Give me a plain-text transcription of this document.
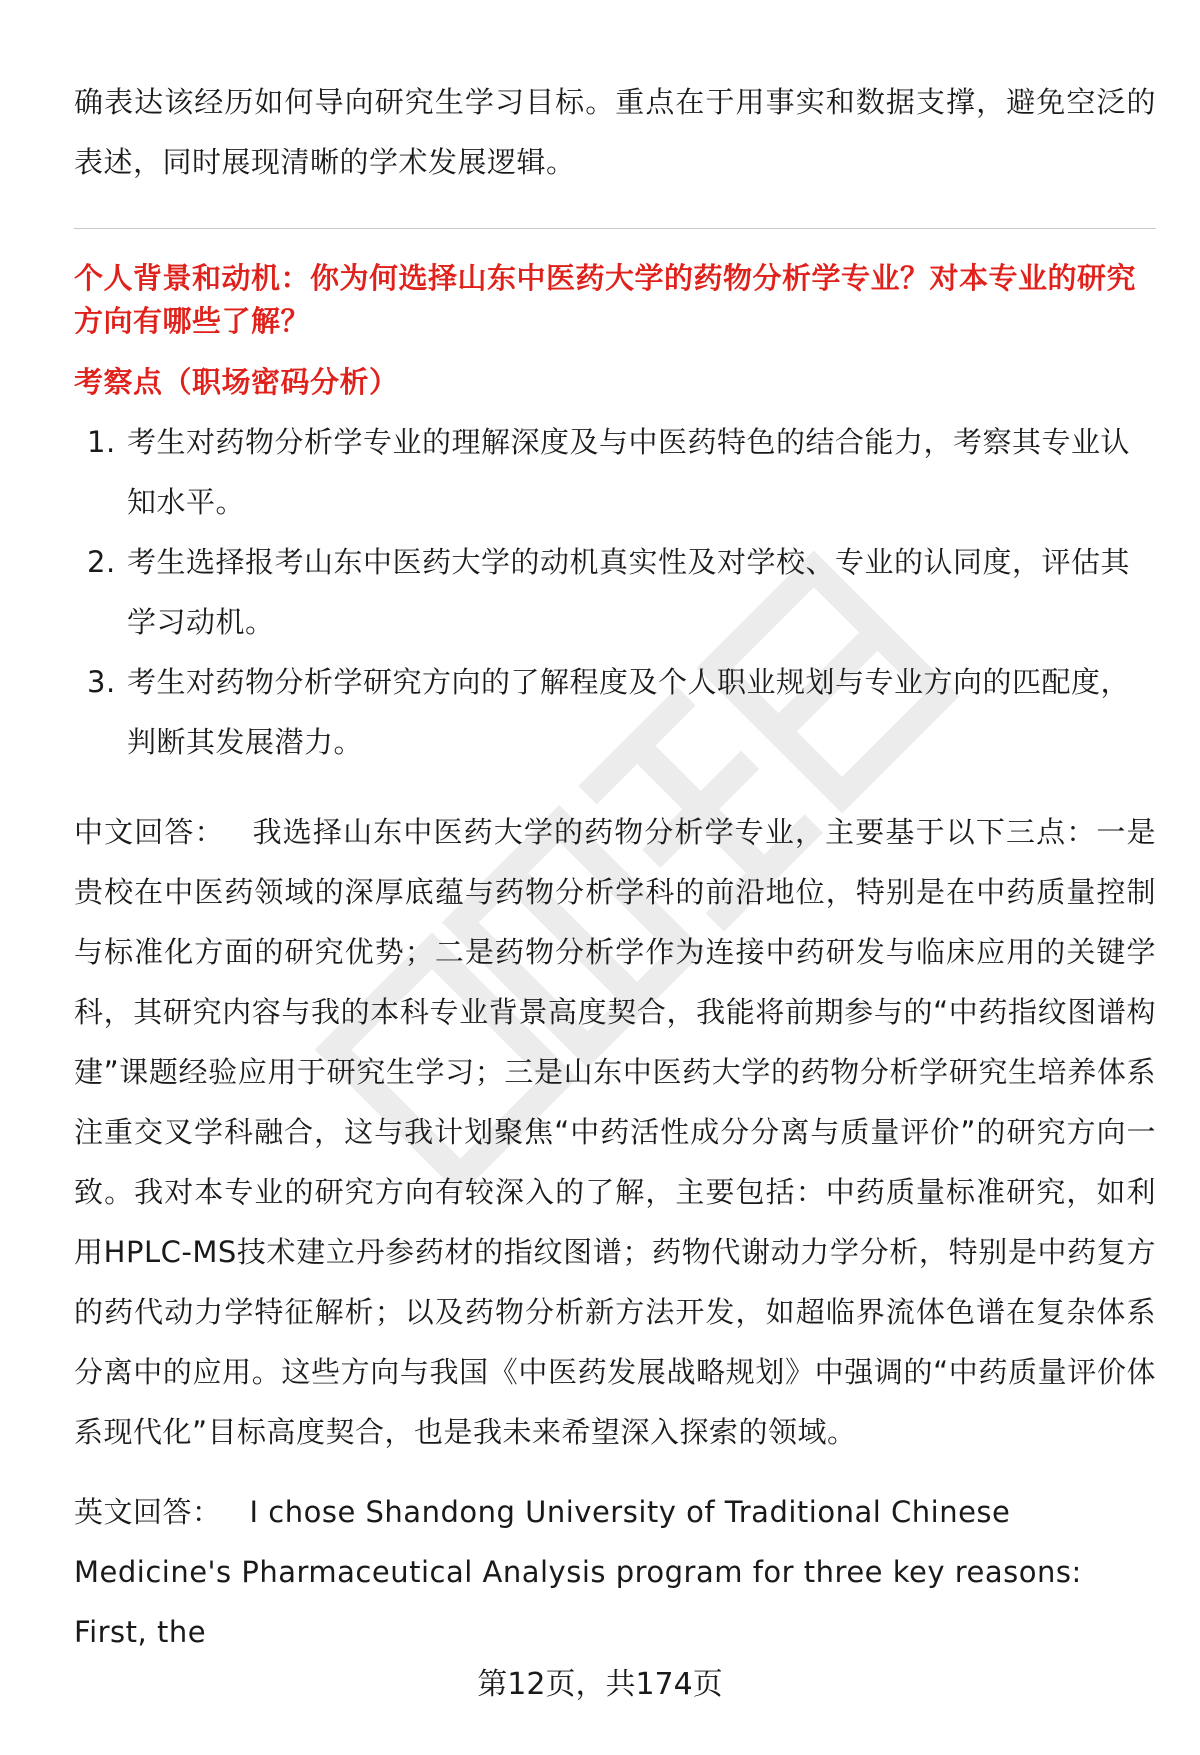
确表达该经历如何导向研究生学习目标。重点在于用事实和数据支撑，避免空泛的表述，同时展现清晰的学术发展逻辑。

个人背景和动机：你为何选择山东中医药大学的药物分析学专业？对本专业的研究方向有哪些了解？

考察点（职场密码分析）

1. 考生对药物分析学专业的理解深度及与中医药特色的结合能力，考察其专业认知水平。
2. 考生选择报考山东中医药大学的动机真实性及对学校、专业的认同度，评估其学习动机。
3. 考生对药物分析学研究方向的了解程度及个人职业规划与专业方向的匹配度，判断其发展潜力。

中文回答： 我选择山东中医药大学的药物分析学专业，主要基于以下三点：一是贵校在中医药领域的深厚底蕴与药物分析学科的前沿地位，特别是在中药质量控制与标准化方面的研究优势；二是药物分析学作为连接中药研发与临床应用的关键学科，其研究内容与我的本科专业背景高度契合，我能将前期参与的“中药指纹图谱构建”课题经验应用于研究生学习；三是山东中医药大学的药物分析学研究生培养体系注重交叉学科融合，这与我计划聚焦“中药活性成分分离与质量评价”的研究方向一致。我对本专业的研究方向有较深入的了解，主要包括：中药质量标准研究，如利用HPLC-MS技术建立丹参药材的指纹图谱；药物代谢动力学分析，特别是中药复方的药代动力学特征解析；以及药物分析新方法开发，如超临界流体色谱在复杂体系分离中的应用。这些方向与我国《中医药发展战略规划》中强调的“中药质量评价体系现代化”目标高度契合，也是我未来希望深入探索的领域。

英文回答： I chose Shandong University of Traditional Chinese Medicine's Pharmaceutical Analysis program for three key reasons: First, the

第12页，共174页
